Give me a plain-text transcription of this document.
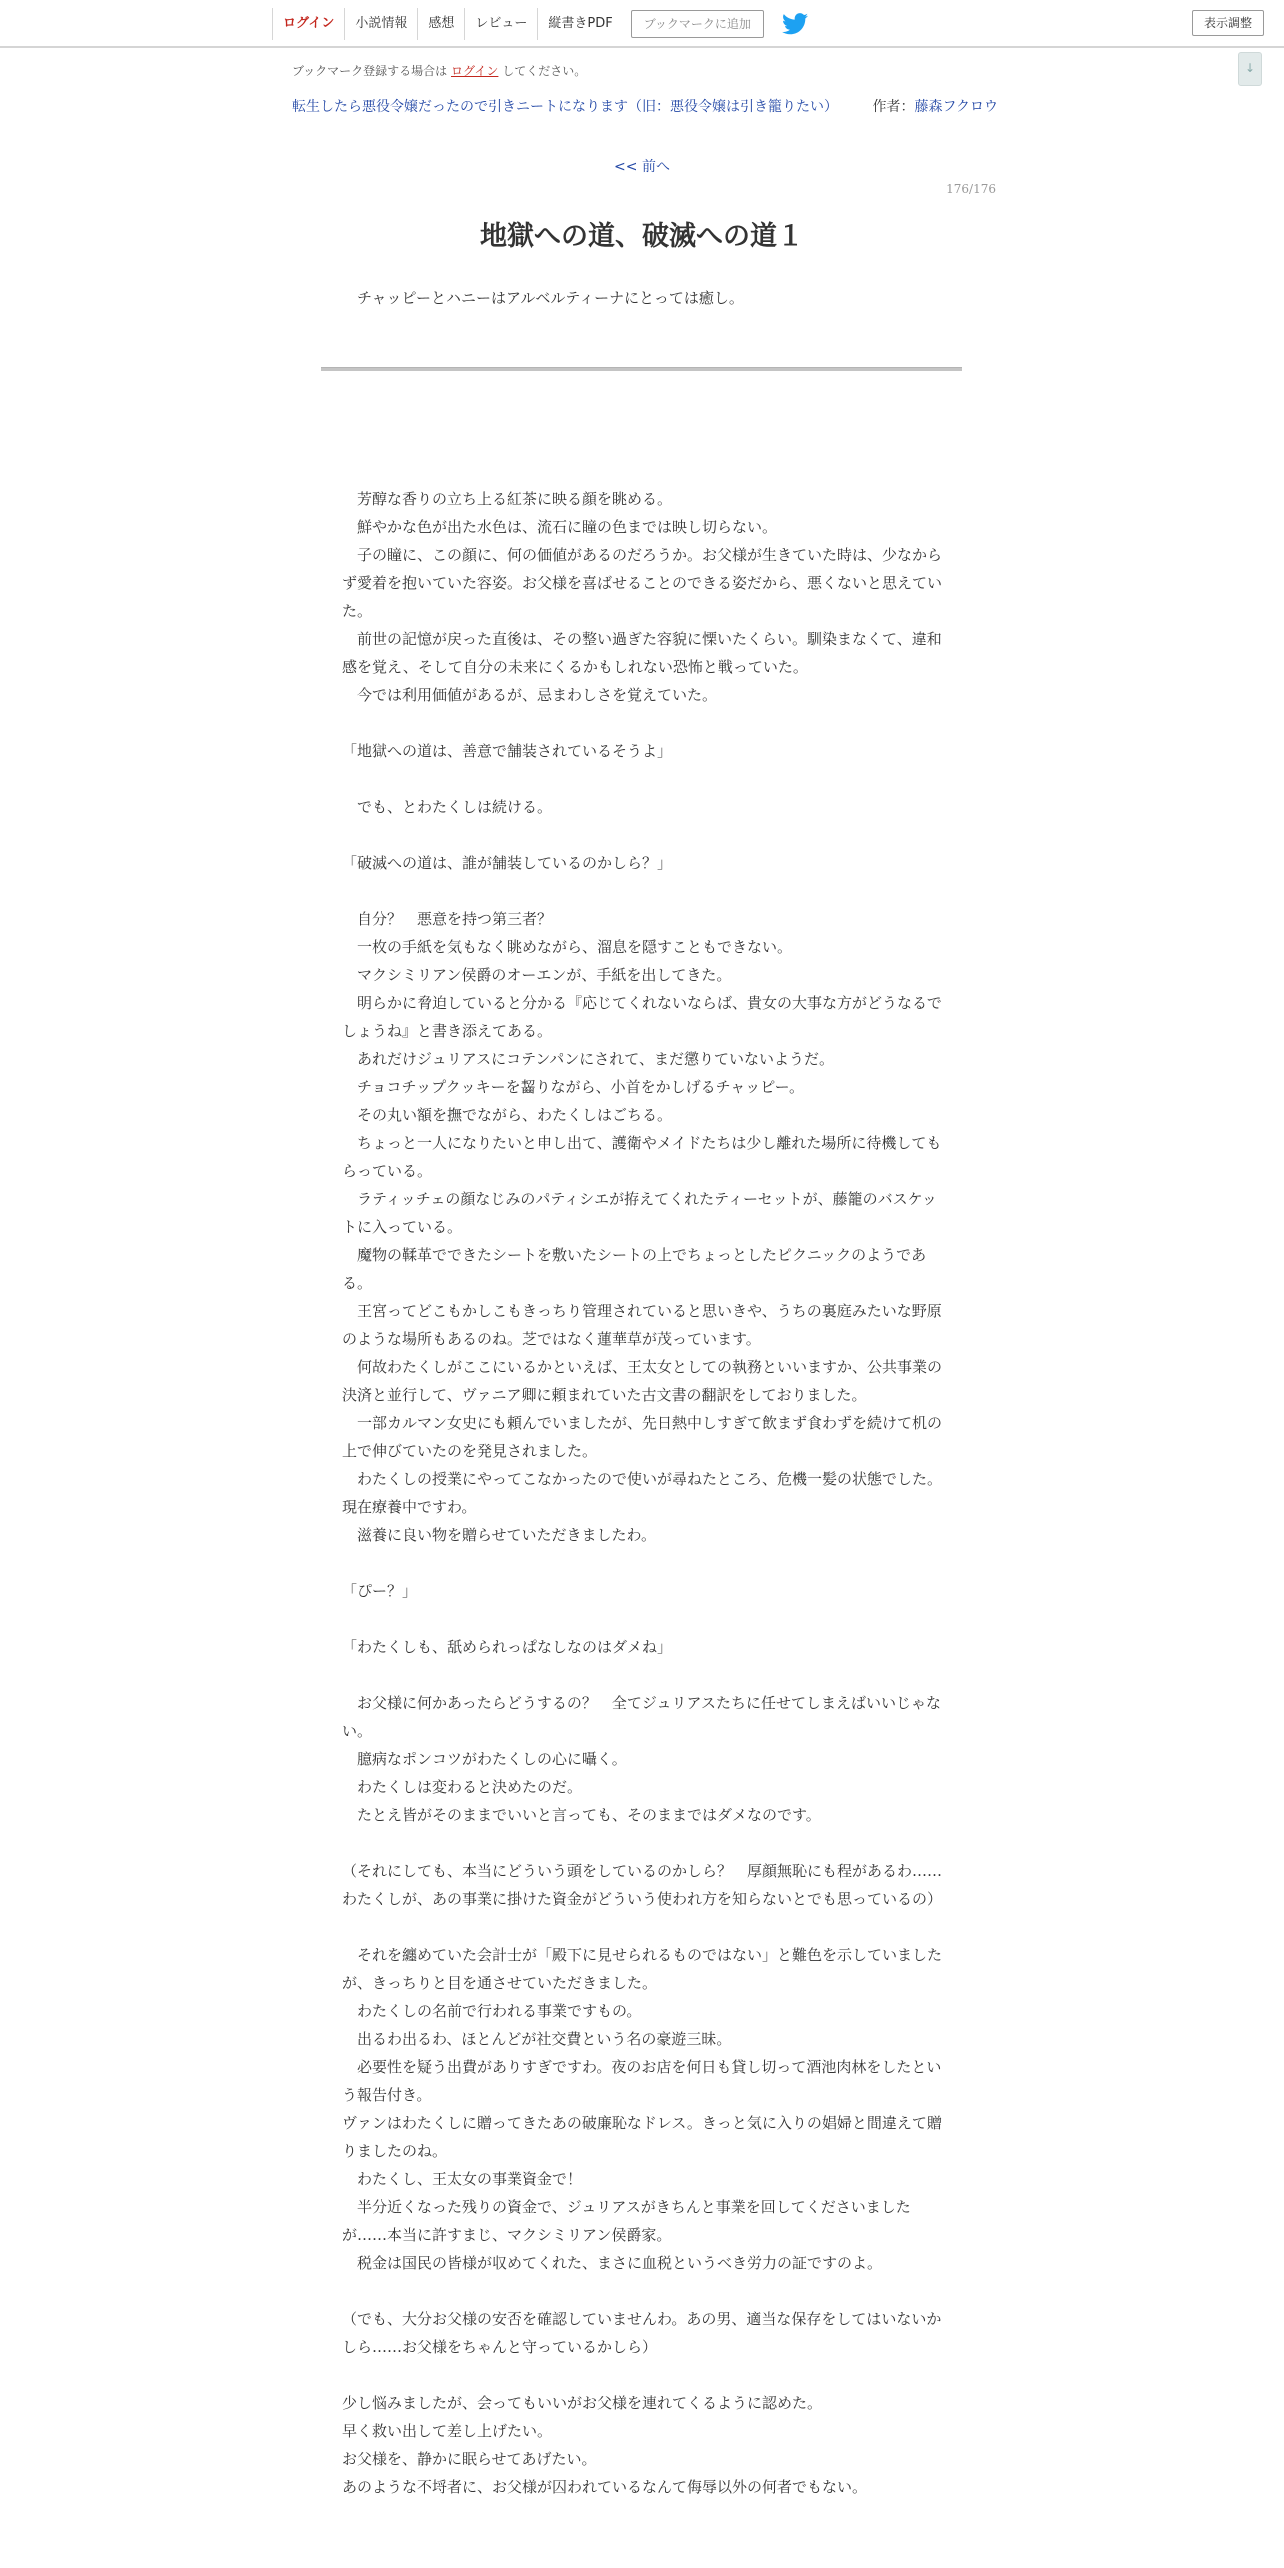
ログイン	小説情報	感想	レビュー	縦書きPDF	ブックマークに追加	表示調整
↓
ブックマーク登録する場合は ログイン してください。
転生したら悪役令嬢だったので引きニートになります（旧：悪役令嬢は引き籠りたい） 作者：藤森フクロウ
<< 前へ
176/176
地獄への道、破滅への道１

　チャッピーとハニーはアルベルティーナにとっては癒し。

　芳醇な香りの立ち上る紅茶に映る顔を眺める。

　鮮やかな色が出た水色は、流石に瞳の色までは映し切らない。

　子の瞳に、この顔に、何の価値があるのだろうか。お父様が生きていた時は、少なからず愛着を抱いていた容姿。お父様を喜ばせることのできる姿だから、悪くないと思えていた。

　前世の記憶が戻った直後は、その整い過ぎた容貌に慄いたくらい。馴染まなくて、違和感を覚え、そして自分の未来にくるかもしれない恐怖と戦っていた。

　今では利用価値があるが、忌まわしさを覚えていた。

「地獄への道は、善意で舗装されているそうよ」

　でも、とわたくしは続ける。

「破滅への道は、誰が舗装しているのかしら？」

　自分？　悪意を持つ第三者？

　一枚の手紙を気もなく眺めながら、溜息を隠すこともできない。

　マクシミリアン侯爵のオーエンが、手紙を出してきた。

　明らかに脅迫していると分かる『応じてくれないならば、貴女の大事な方がどうなるでしょうね』と書き添えてある。

　あれだけジュリアスにコテンパンにされて、まだ懲りていないようだ。

　チョコチップクッキーを齧りながら、小首をかしげるチャッピー。

　その丸い額を撫でながら、わたくしはごちる。

　ちょっと一人になりたいと申し出て、護衛やメイドたちは少し離れた場所に待機してもらっている。

　ラティッチェの顔なじみのパティシエが拵えてくれたティーセットが、藤籠のバスケットに入っている。

　魔物の鞣革でできたシートを敷いたシートの上でちょっとしたピクニックのようである。

　王宮ってどこもかしこもきっちり管理されていると思いきや、うちの裏庭みたいな野原のような場所もあるのね。芝ではなく蓮華草が茂っています。

　何故わたくしがここにいるかといえば、王太女としての執務といいますか、公共事業の決済と並行して、ヴァニア卿に頼まれていた古文書の翻訳をしておりました。

　一部カルマン女史にも頼んでいましたが、先日熱中しすぎて飲まず食わずを続けて机の上で伸びていたのを発見されました。

　わたくしの授業にやってこなかったので使いが尋ねたところ、危機一髪の状態でした。現在療養中ですわ。

　滋養に良い物を贈らせていただきましたわ。

「ぴー？」

「わたくしも、舐められっぱなしなのはダメね」

　お父様に何かあったらどうするの？　全てジュリアスたちに任せてしまえばいいじゃない。

　臆病なポンコツがわたくしの心に囁く。

　わたくしは変わると決めたのだ。

　たとえ皆がそのままでいいと言っても、そのままではダメなのです。

（それにしても、本当にどういう頭をしているのかしら？　厚顔無恥にも程があるわ……わたくしが、あの事業に掛けた資金がどういう使われ方を知らないとでも思っているの）

　それを纏めていた会計士が「殿下に見せられるものではない」と難色を示していましたが、きっちりと目を通させていただきました。

　わたくしの名前で行われる事業ですもの。

　出るわ出るわ、ほとんどが社交費という名の豪遊三昧。

　必要性を疑う出費がありすぎですわ。夜のお店を何日も貸し切って酒池肉林をしたという報告付き。

ヴァンはわたくしに贈ってきたあの破廉恥なドレス。きっと気に入りの娼婦と間違えて贈りましたのね。

　わたくし、王太女の事業資金で！

　半分近くなった残りの資金で、ジュリアスがきちんと事業を回してくださいましたが……本当に許すまじ、マクシミリアン侯爵家。

　税金は国民の皆様が収めてくれた、まさに血税というべき労力の証ですのよ。

（でも、大分お父様の安否を確認していませんわ。あの男、適当な保存をしてはいないかしら……お父様をちゃんと守っているかしら）

少し悩みましたが、会ってもいいがお父様を連れてくるように認めた。

早く救い出して差し上げたい。

お父様を、静かに眠らせてあげたい。

あのような不埒者に、お父様が囚われているなんて侮辱以外の何者でもない。
